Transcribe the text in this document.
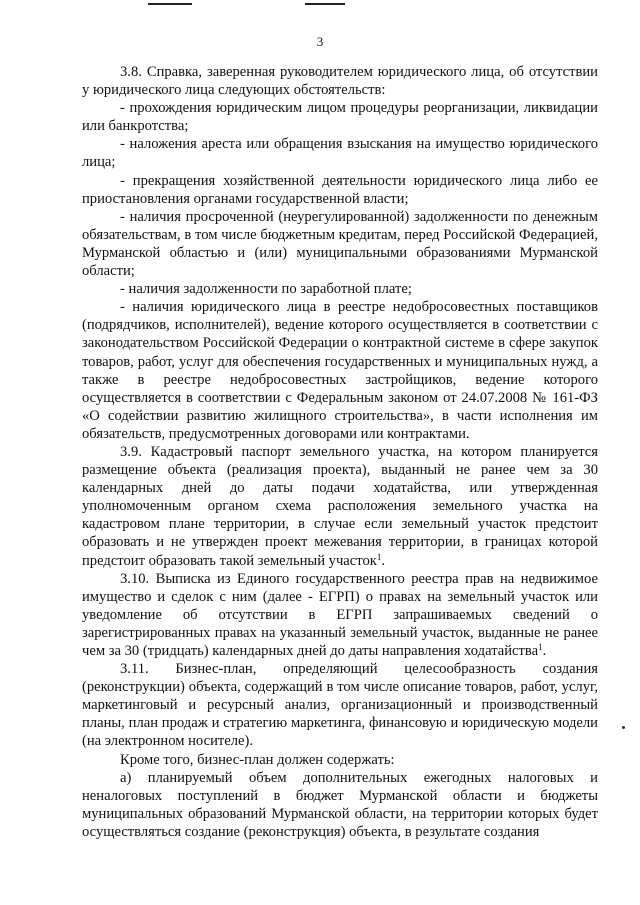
3

3.8. Справка, заверенная руководителем юридического лица, об отсутствии у юридического лица следующих обстоятельств:

- прохождения юридическим лицом процедуры реорганизации, ликвидации или банкротства;

- наложения ареста или обращения взыскания на имущество юридического лица;

- прекращения хозяйственной деятельности юридического лица либо ее приостановления органами государственной власти;

- наличия просроченной (неурегулированной) задолженности по денежным обязательствам, в том числе бюджетным кредитам, перед Российской Федерацией, Мурманской областью и (или) муниципальными образованиями Мурманской области;

- наличия задолженности по заработной плате;

- наличия юридического лица в реестре недобросовестных поставщиков (подрядчиков, исполнителей), ведение которого осуществляется в соответствии с законодательством Российской Федерации о контрактной системе в сфере закупок товаров, работ, услуг для обеспечения государственных и муниципальных нужд, а также в реестре недобросовестных застройщиков, ведение которого осуществляется в соответствии с Федеральным законом от 24.07.2008 № 161-ФЗ «О содействии развитию жилищного строительства», в части исполнения им обязательств, предусмотренных договорами или контрактами.

3.9. Кадастровый паспорт земельного участка, на котором планируется размещение объекта (реализация проекта), выданный не ранее чем за 30 календарных дней до даты подачи ходатайства, или утвержденная уполномоченным органом схема расположения земельного участка на кадастровом плане территории, в случае если земельный участок предстоит образовать и не утвержден проект межевания территории, в границах которой предстоит образовать такой земельный участок$^1$.

3.10. Выписка из Единого государственного реестра прав на недвижимое имущество и сделок с ним (далее - ЕГРП) о правах на земельный участок или уведомление об отсутствии в ЕГРП запрашиваемых сведений о зарегистрированных правах на указанный земельный участок, выданные не ранее чем за 30 (тридцать) календарных дней до даты направления ходатайства$^1$.

3.11. Бизнес-план, определяющий целесообразность создания (реконструкции) объекта, содержащий в том числе описание товаров, работ, услуг, маркетинговый и ресурсный анализ, организационный и производственный планы, план продаж и стратегию маркетинга, финансовую и юридическую модели (на электронном носителе).

Кроме того, бизнес-план должен содержать:

а) планируемый объем дополнительных ежегодных налоговых и неналоговых поступлений в бюджет Мурманской области и бюджеты муниципальных образований Мурманской области, на территории которых будет осуществляться создание (реконструкция) объекта, в результате создания
